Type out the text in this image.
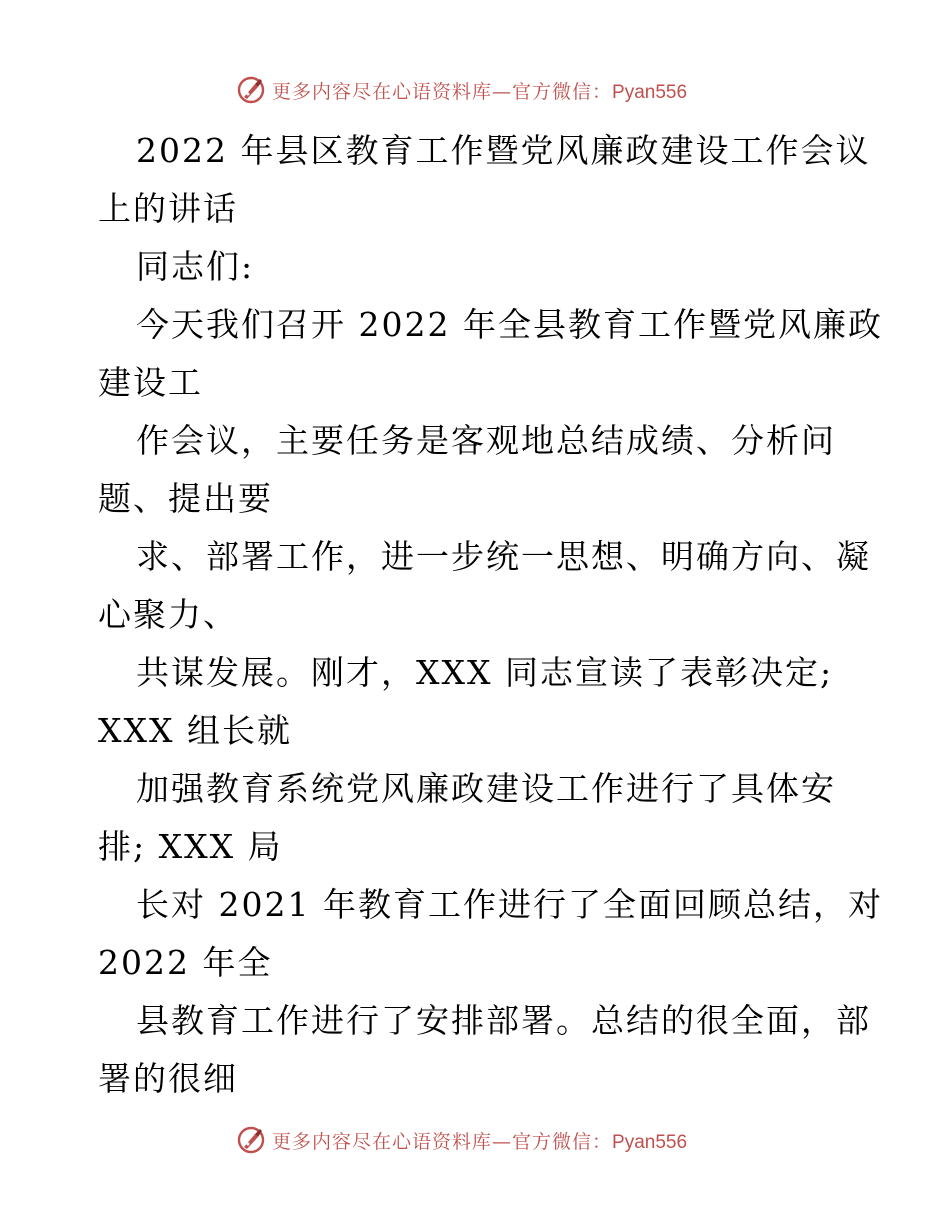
更多内容尽在心语资料库—官方微信：Pyan556
2022 年县区教育工作暨党风廉政建设工作会议
上的讲话
同志们:
今天我们召开 2022 年全县教育工作暨党风廉政
建设工
作会议，主要任务是客观地总结成绩、分析问
题、提出要
求、部署工作，进一步统一思想、明确方向、凝
心聚力、
共谋发展。刚才，XXX 同志宣读了表彰决定;
XXX 组长就
加强教育系统党风廉政建设工作进行了具体安
排; XXX 局
长对 2021 年教育工作进行了全面回顾总结，对
2022 年全
县教育工作进行了安排部署。总结的很全面，部
署的很细
更多内容尽在心语资料库—官方微信：Pyan556
